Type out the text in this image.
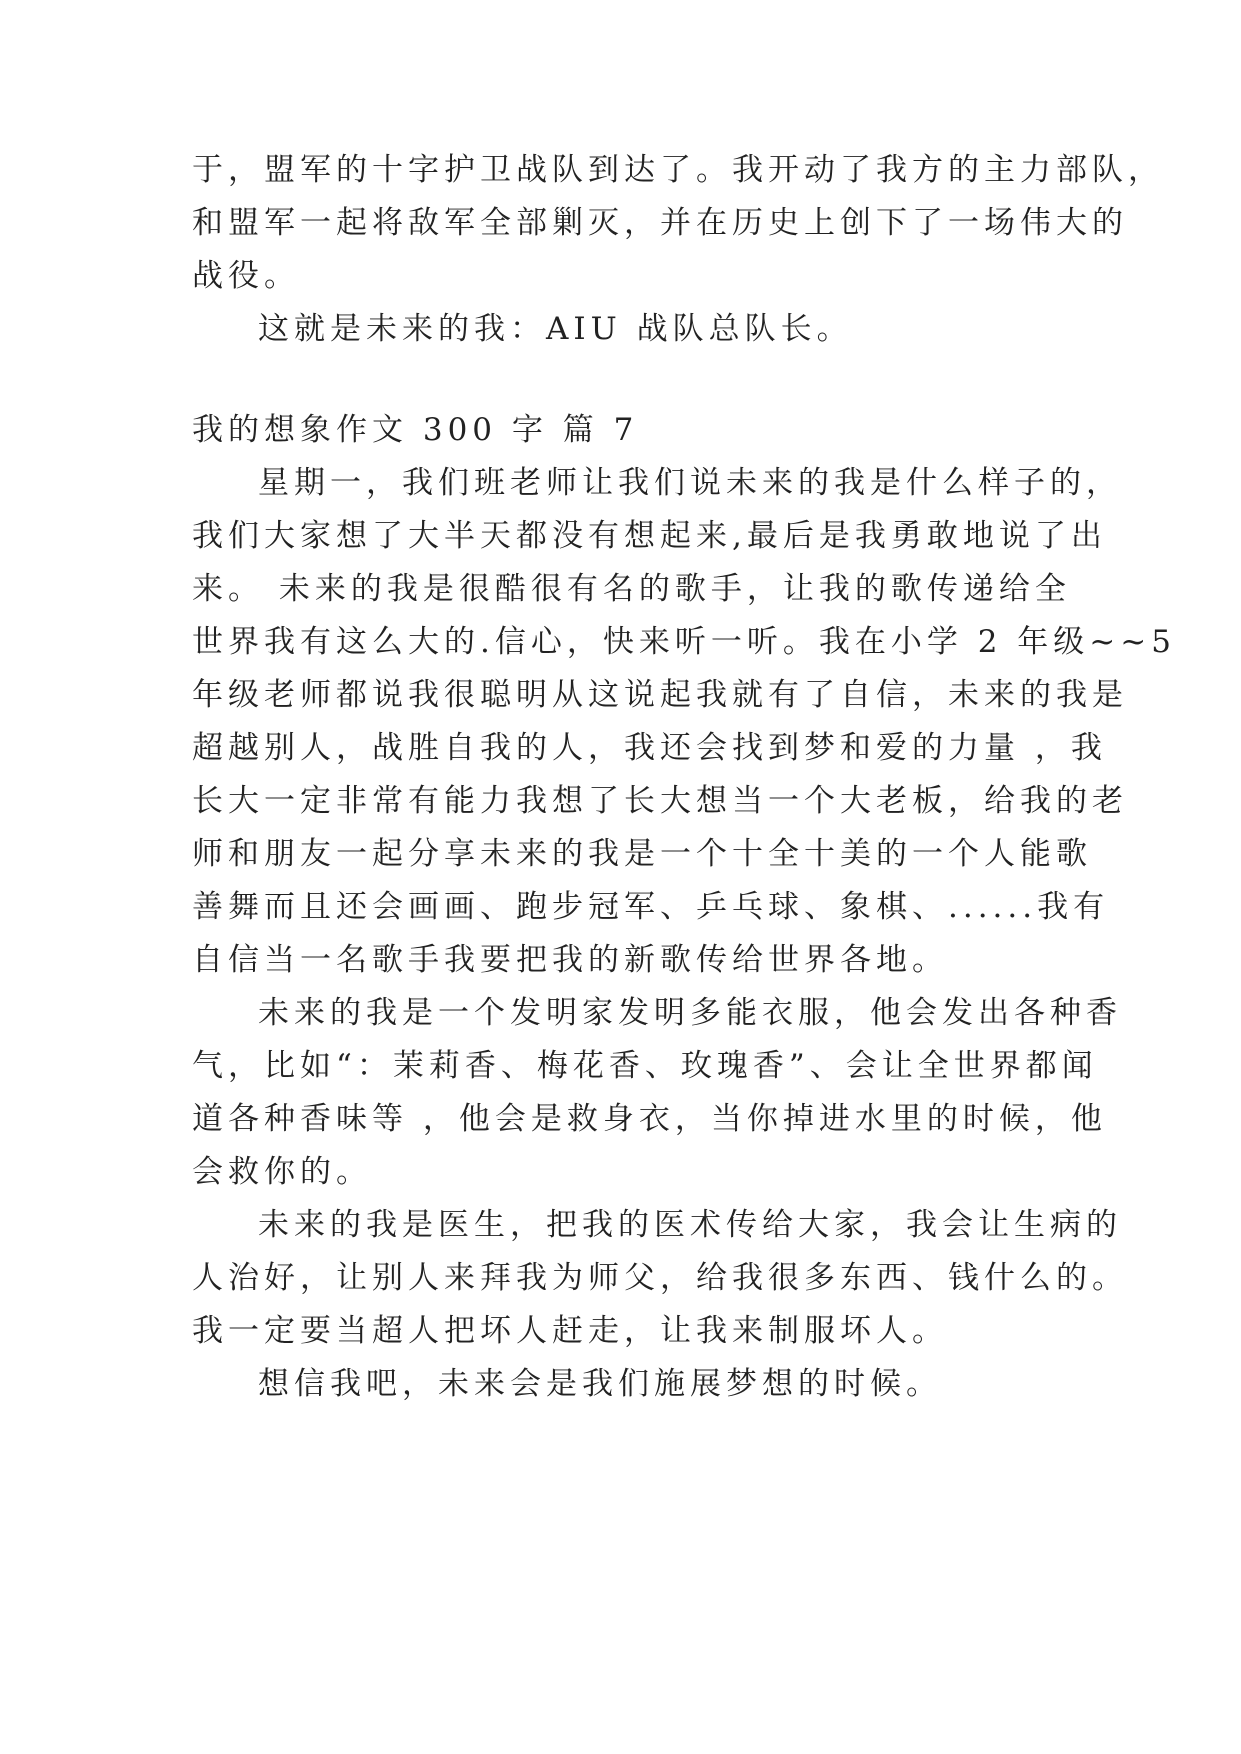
于，盟军的十字护卫战队到达了。我开动了我方的主力部队，
和盟军一起将敌军全部剿灭，并在历史上创下了一场伟大的
战役。
这就是未来的我：AIU 战队总队长。
我的想象作文 300 字 篇 7
星期一，我们班老师让我们说未来的我是什么样子的，
我们大家想了大半天都没有想起来,最后是我勇敢地说了出
来。 未来的我是很酷很有名的歌手，让我的歌传递给全
世界我有这么大的.信心，快来听一听。我在小学 2 年级~~5
年级老师都说我很聪明从这说起我就有了自信，未来的我是
超越别人，战胜自我的人，我还会找到梦和爱的力量 ，我
长大一定非常有能力我想了长大想当一个大老板，给我的老
师和朋友一起分享未来的我是一个十全十美的一个人能歌
善舞而且还会画画、跑步冠军、乒乓球、象棋、......我有
自信当一名歌手我要把我的新歌传给世界各地。
未来的我是一个发明家发明多能衣服，他会发出各种香
气，比如“：茉莉香、梅花香、玫瑰香”、会让全世界都闻
道各种香味等 ，他会是救身衣，当你掉进水里的时候，他
会救你的。
未来的我是医生，把我的医术传给大家，我会让生病的
人治好，让别人来拜我为师父，给我很多东西、钱什么的。
我一定要当超人把坏人赶走，让我来制服坏人。
想信我吧，未来会是我们施展梦想的时候。
